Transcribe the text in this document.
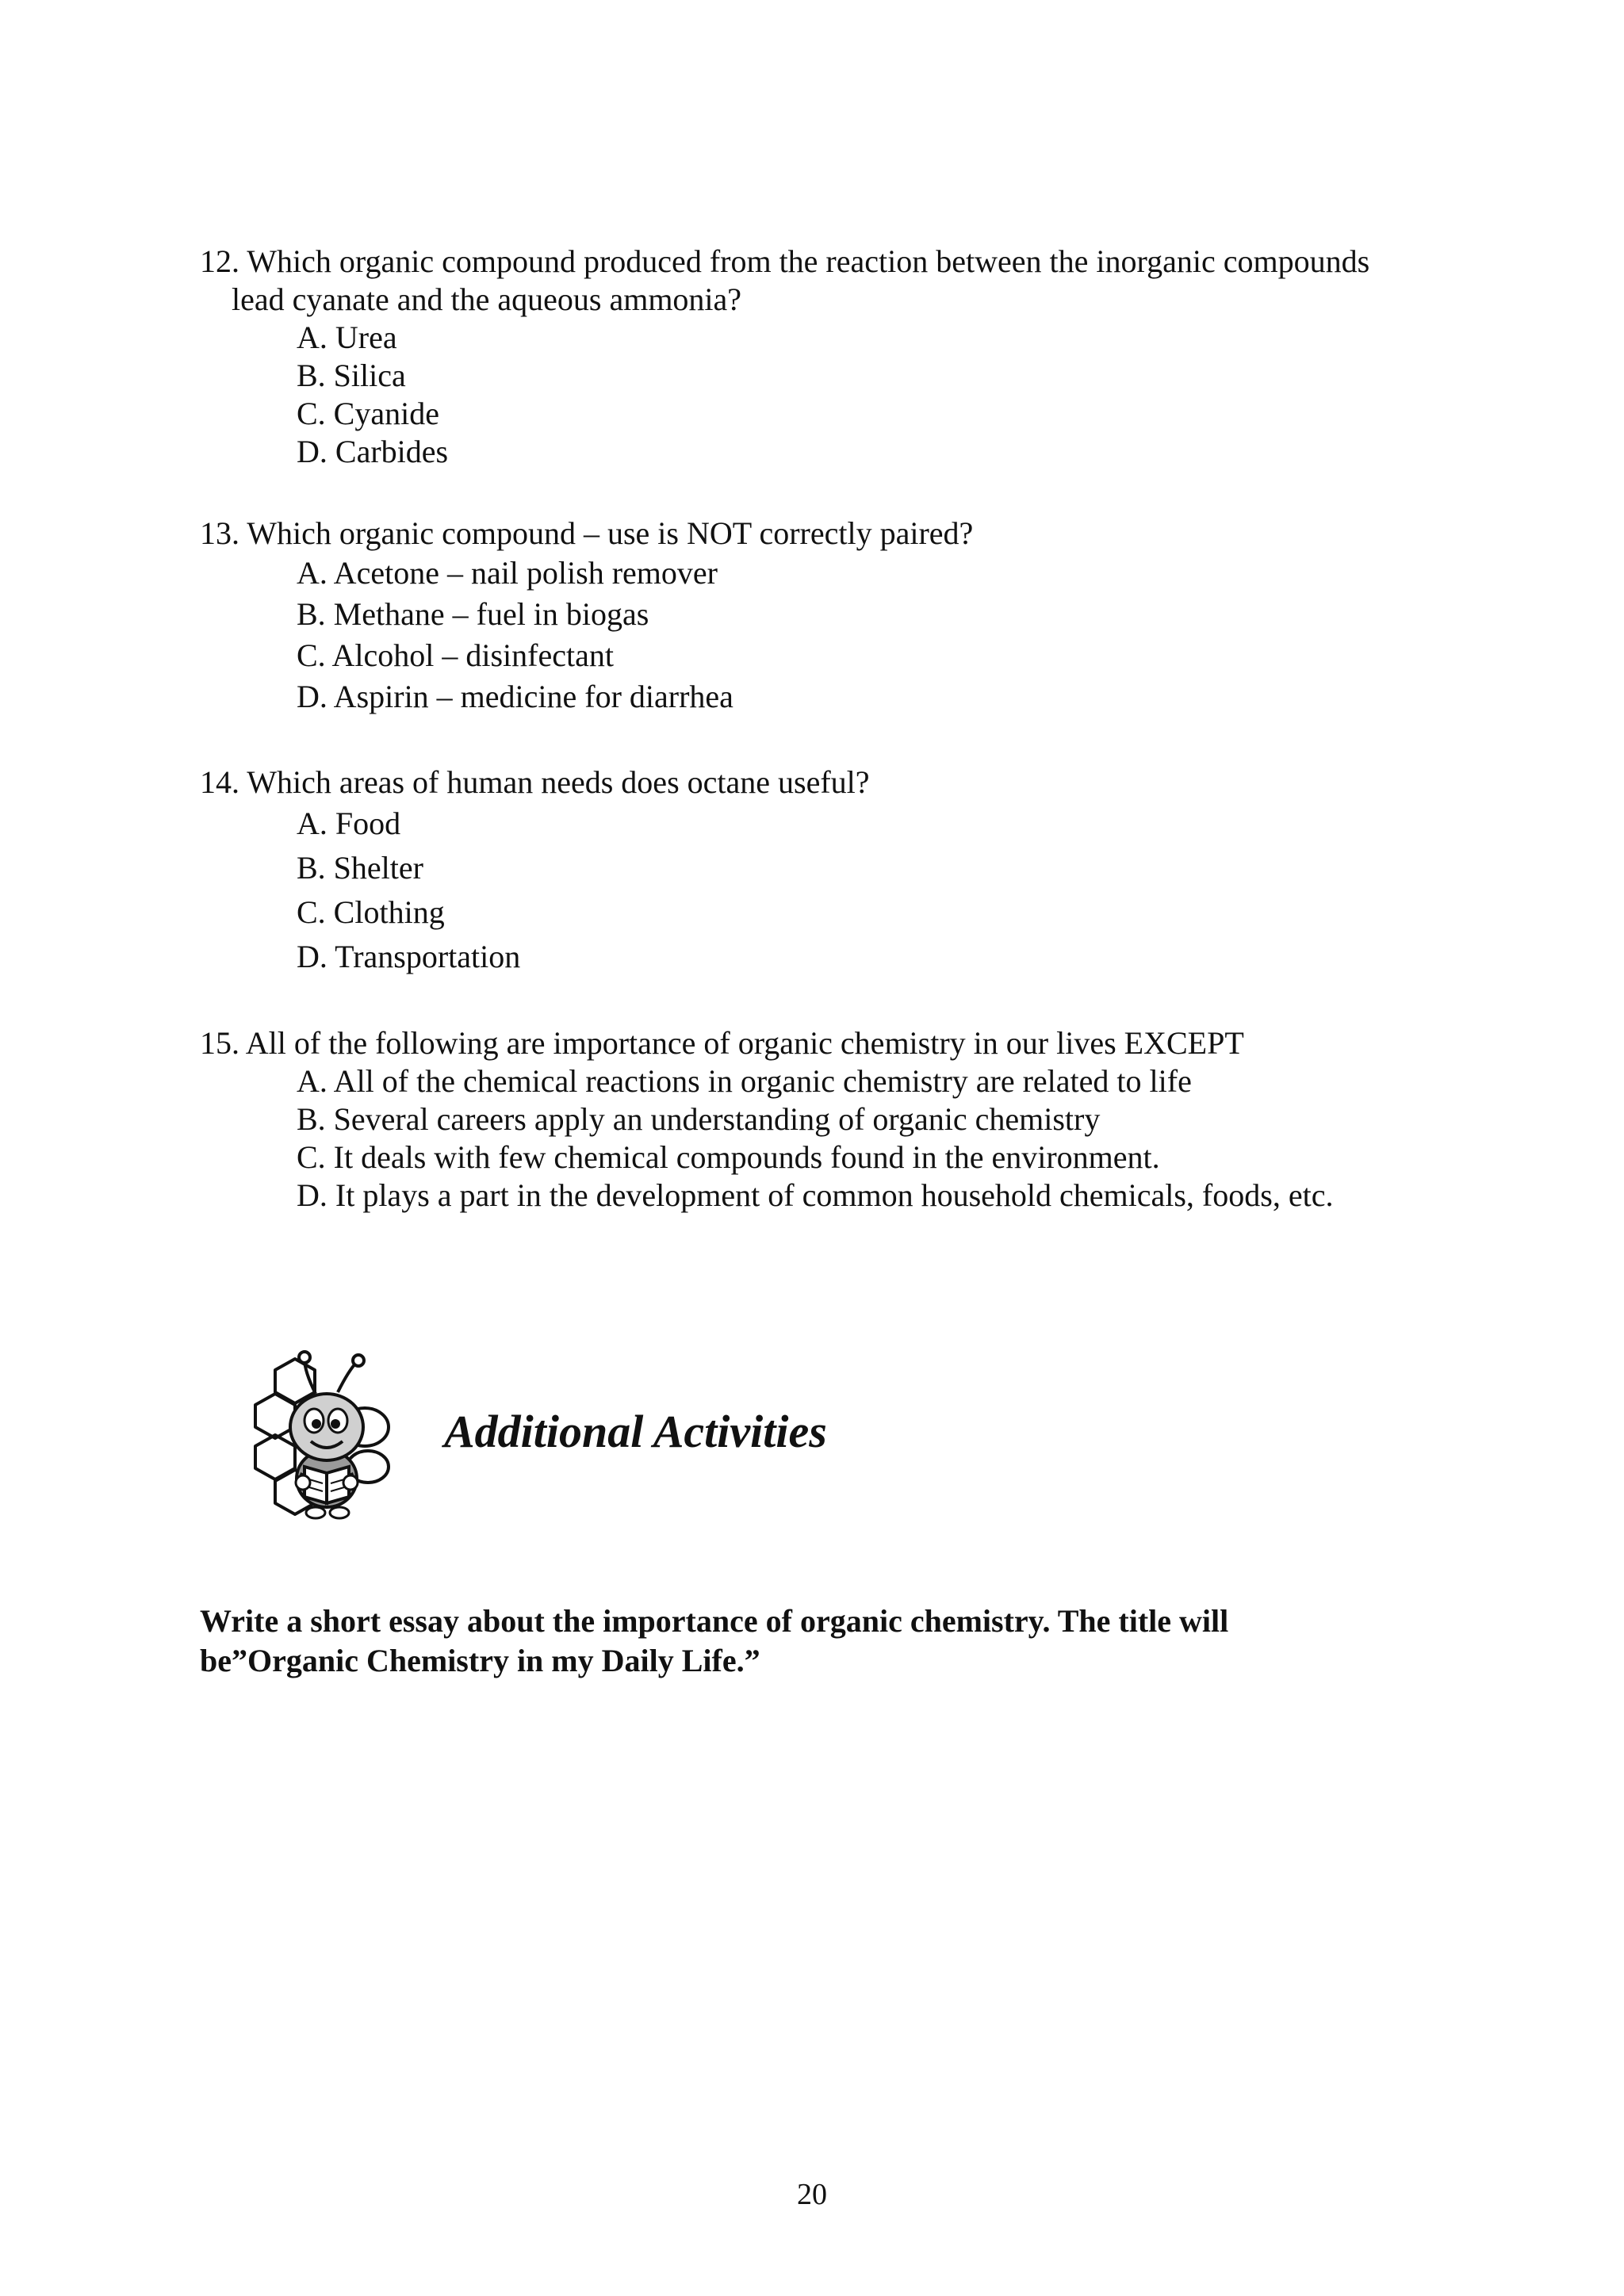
12. Which organic compound produced from the reaction between the inorganic compounds
lead cyanate and the aqueous ammonia?
A. Urea
B. Silica
C. Cyanide
D. Carbides
13. Which organic compound – use is NOT correctly paired?
A. Acetone – nail polish remover
B. Methane – fuel in biogas
C. Alcohol – disinfectant
D. Aspirin – medicine for diarrhea
14. Which areas of human needs does octane useful?
A. Food
B. Shelter
C. Clothing
D. Transportation
15. All of the following are importance of organic chemistry in our lives EXCEPT
A. All of the chemical reactions in organic chemistry are related to life
B. Several careers apply an understanding of organic chemistry
C. It deals with few chemical compounds found in the environment.
D. It plays a part in the development of common household chemicals, foods, etc.
Additional Activities
Write a short essay about the importance of organic chemistry. The title will
be”Organic Chemistry in my Daily Life.”
20
